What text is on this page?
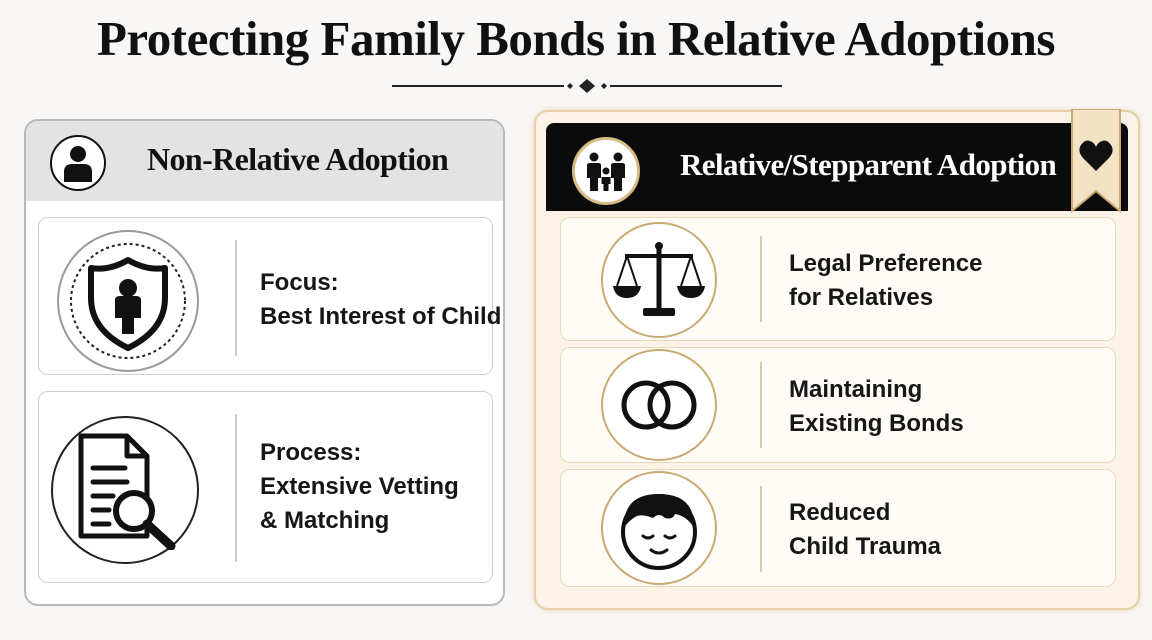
Protecting Family Bonds in Relative Adoptions
Non-Relative Adoption
Focus:
Best Interest of Child
Process:
Extensive Vetting
& Matching
Relative/Stepparent Adoption
Legal Preference
for Relatives
Maintaining
Existing Bonds
Reduced
Child Trauma
